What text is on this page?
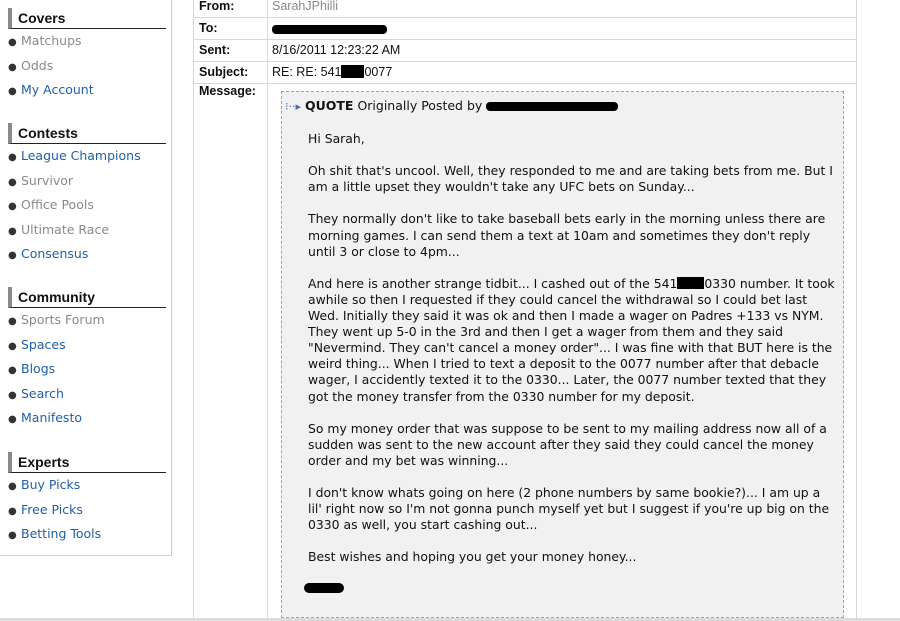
Covers
● Matchups
● Odds
● My Account
Contests
● League Champions
● Survivor
● Office Pools
● Ultimate Race
● Consensus
Community
● Sports Forum
● Spaces
● Blogs
● Search
● Manifesto
Experts
● Buy Picks
● Free Picks
● Betting Tools
From:	SarahJPhilli
To:
Sent:	8/16/2011 12:23:22 AM
Subject:	RE: RE: 541 0077
Message:
⁝··▸ QUOTE Originally Posted by

Hi Sarah,

Oh shit that's uncool. Well, they responded to me and are taking bets from me. But I am a little upset they wouldn't take any UFC bets on Sunday...

They normally don't like to take baseball bets early in the morning unless there are morning games. I can send them a text at 10am and sometimes they don't reply until 3 or close to 4pm...

And here is another strange tidbit... I cashed out of the 541 0330 number. It took awhile so then I requested if they could cancel the withdrawal so I could bet last Wed. Initially they said it was ok and then I made a wager on Padres +133 vs NYM. They went up 5-0 in the 3rd and then I get a wager from them and they said "Nevermind. They can't cancel a money order"... I was fine with that BUT here is the weird thing... When I tried to text a deposit to the 0077 number after that debacle wager, I accidently texted it to the 0330... Later, the 0077 number texted that they got the money transfer from the 0330 number for my deposit.

So my money order that was suppose to be sent to my mailing address now all of a sudden was sent to the new account after they said they could cancel the money order and my bet was winning...

I don't know whats going on here (2 phone numbers by same bookie?)... I am up a lil' right now so I'm not gonna punch myself yet but I suggest if you're up big on the 0330 as well, you start cashing out...

Best wishes and hoping you get your money honey...
